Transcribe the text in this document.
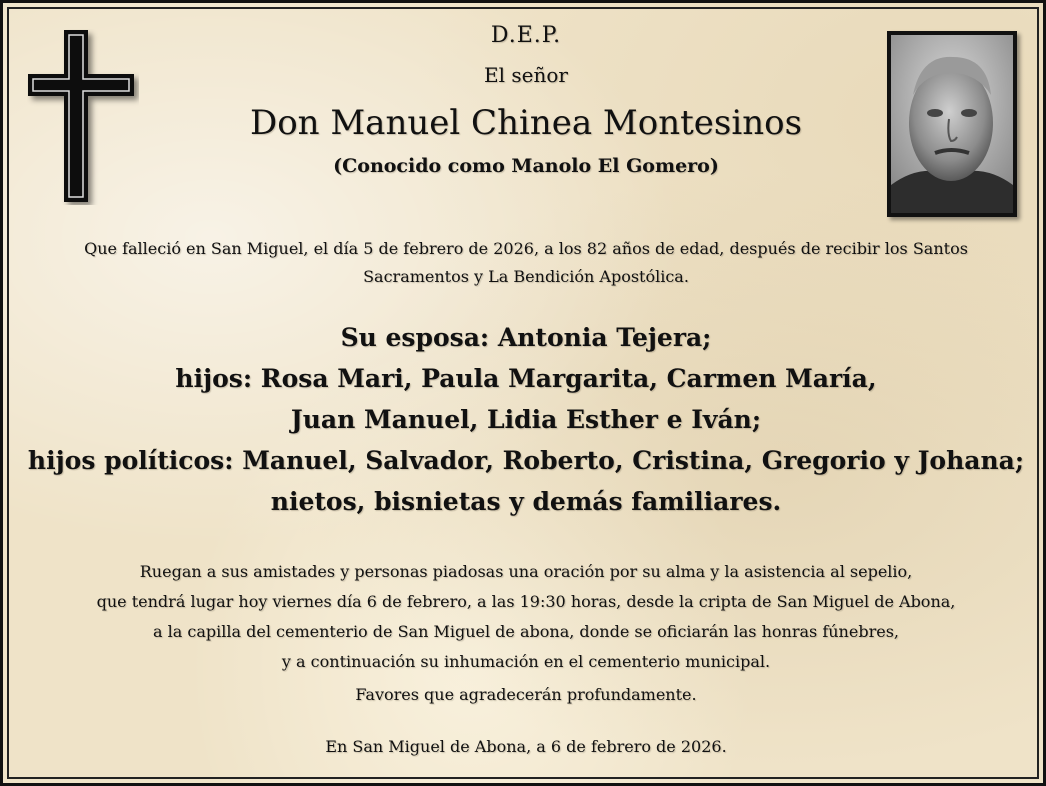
D.E.P.
El señor
Don Manuel Chinea Montesinos
(Conocido como Manolo El Gomero)
Que falleció en San Miguel, el día 5 de febrero de 2026, a los 82 años de edad, después de recibir los Santos Sacramentos y La Bendición Apostólica.
Su esposa: Antonia Tejera;
hijos: Rosa Mari, Paula Margarita, Carmen María,
Juan Manuel, Lidia Esther e Iván;
hijos políticos: Manuel, Salvador, Roberto, Cristina, Gregorio y Johana;
nietos, bisnietas y demás familiares.
Ruegan a sus amistades y personas piadosas una oración por su alma y la asistencia al sepelio,
que tendrá lugar hoy viernes día 6 de febrero, a las 19:30 horas, desde la cripta de San Miguel de Abona,
a la capilla del cementerio de San Miguel de abona, donde se oficiarán las honras fúnebres,
y a continuación su inhumación en el cementerio municipal.
Favores que agradecerán profundamente.
En San Miguel de Abona, a 6 de febrero de 2026.
